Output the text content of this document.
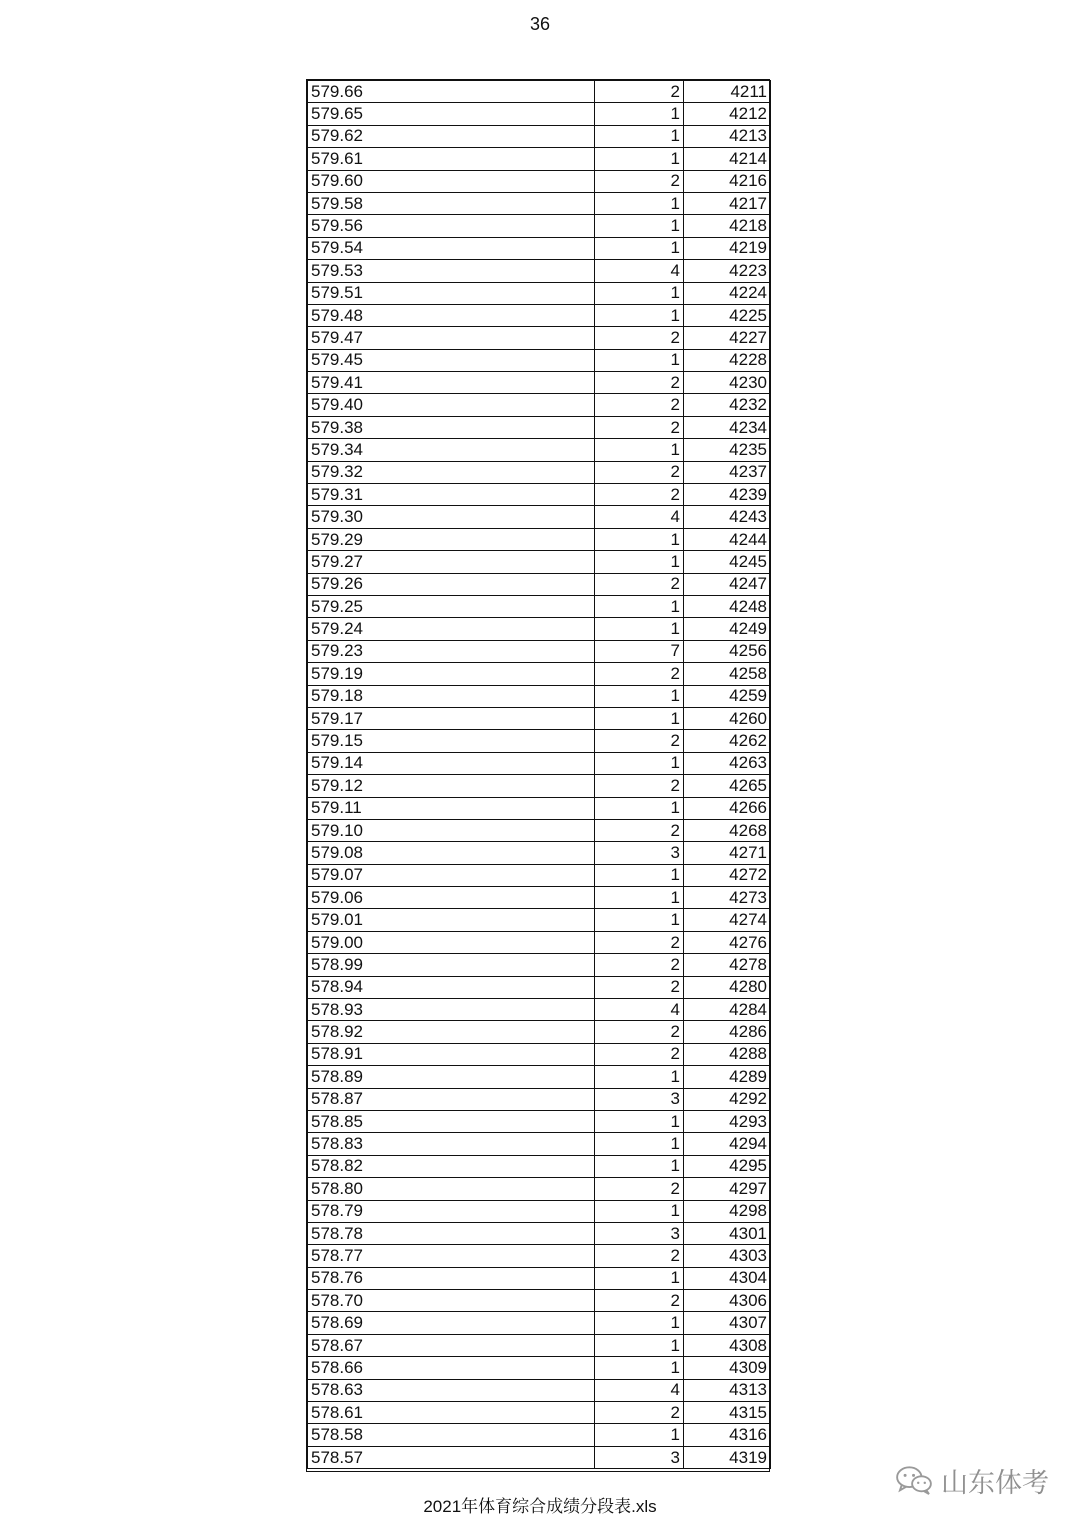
36
579.66	2	4211
579.65	1	4212
579.62	1	4213
579.61	1	4214
579.60	2	4216
579.58	1	4217
579.56	1	4218
579.54	1	4219
579.53	4	4223
579.51	1	4224
579.48	1	4225
579.47	2	4227
579.45	1	4228
579.41	2	4230
579.40	2	4232
579.38	2	4234
579.34	1	4235
579.32	2	4237
579.31	2	4239
579.30	4	4243
579.29	1	4244
579.27	1	4245
579.26	2	4247
579.25	1	4248
579.24	1	4249
579.23	7	4256
579.19	2	4258
579.18	1	4259
579.17	1	4260
579.15	2	4262
579.14	1	4263
579.12	2	4265
579.11	1	4266
579.10	2	4268
579.08	3	4271
579.07	1	4272
579.06	1	4273
579.01	1	4274
579.00	2	4276
578.99	2	4278
578.94	2	4280
578.93	4	4284
578.92	2	4286
578.91	2	4288
578.89	1	4289
578.87	3	4292
578.85	1	4293
578.83	1	4294
578.82	1	4295
578.80	2	4297
578.79	1	4298
578.78	3	4301
578.77	2	4303
578.76	1	4304
578.70	2	4306
578.69	1	4307
578.67	1	4308
578.66	1	4309
578.63	4	4313
578.61	2	4315
578.58	1	4316
578.57	3	4319
2021年体育综合成绩分段表.xls
山东体考
